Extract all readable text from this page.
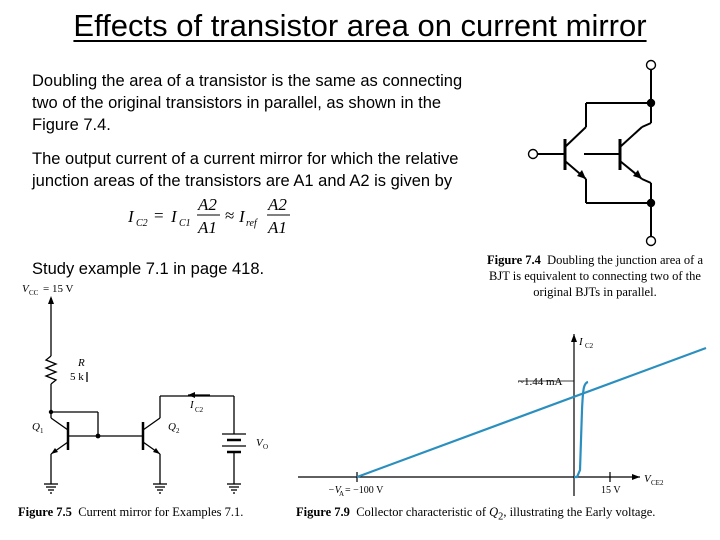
Effects of transistor area on current mirror
Doubling the area of a transistor is the same as connecting two of the original transistors in parallel, as shown in the Figure 7.4.
The output current of a current mirror for which the relative junction areas of the transistors are A1 and A2 is given by
I C2 = I C1
A2
A1
≈ I ref
A2
A1
Study example 7.1 in page 418.	Figure 7.4 Doubling the junction area of a BJT is equivalent to connecting two of the original BJTs in parallel.
V CC = 15 V
R
5 k
Q 1	Q 2
I C2
V O
Figure 7.5 Current mirror for Examples 7.1.
I C2
~1.44 mA
V CE2
−V
A = −100 V	15 V
Figure 7.9 Collector characteristic of $Q_2$, illustrating the Early voltage.
